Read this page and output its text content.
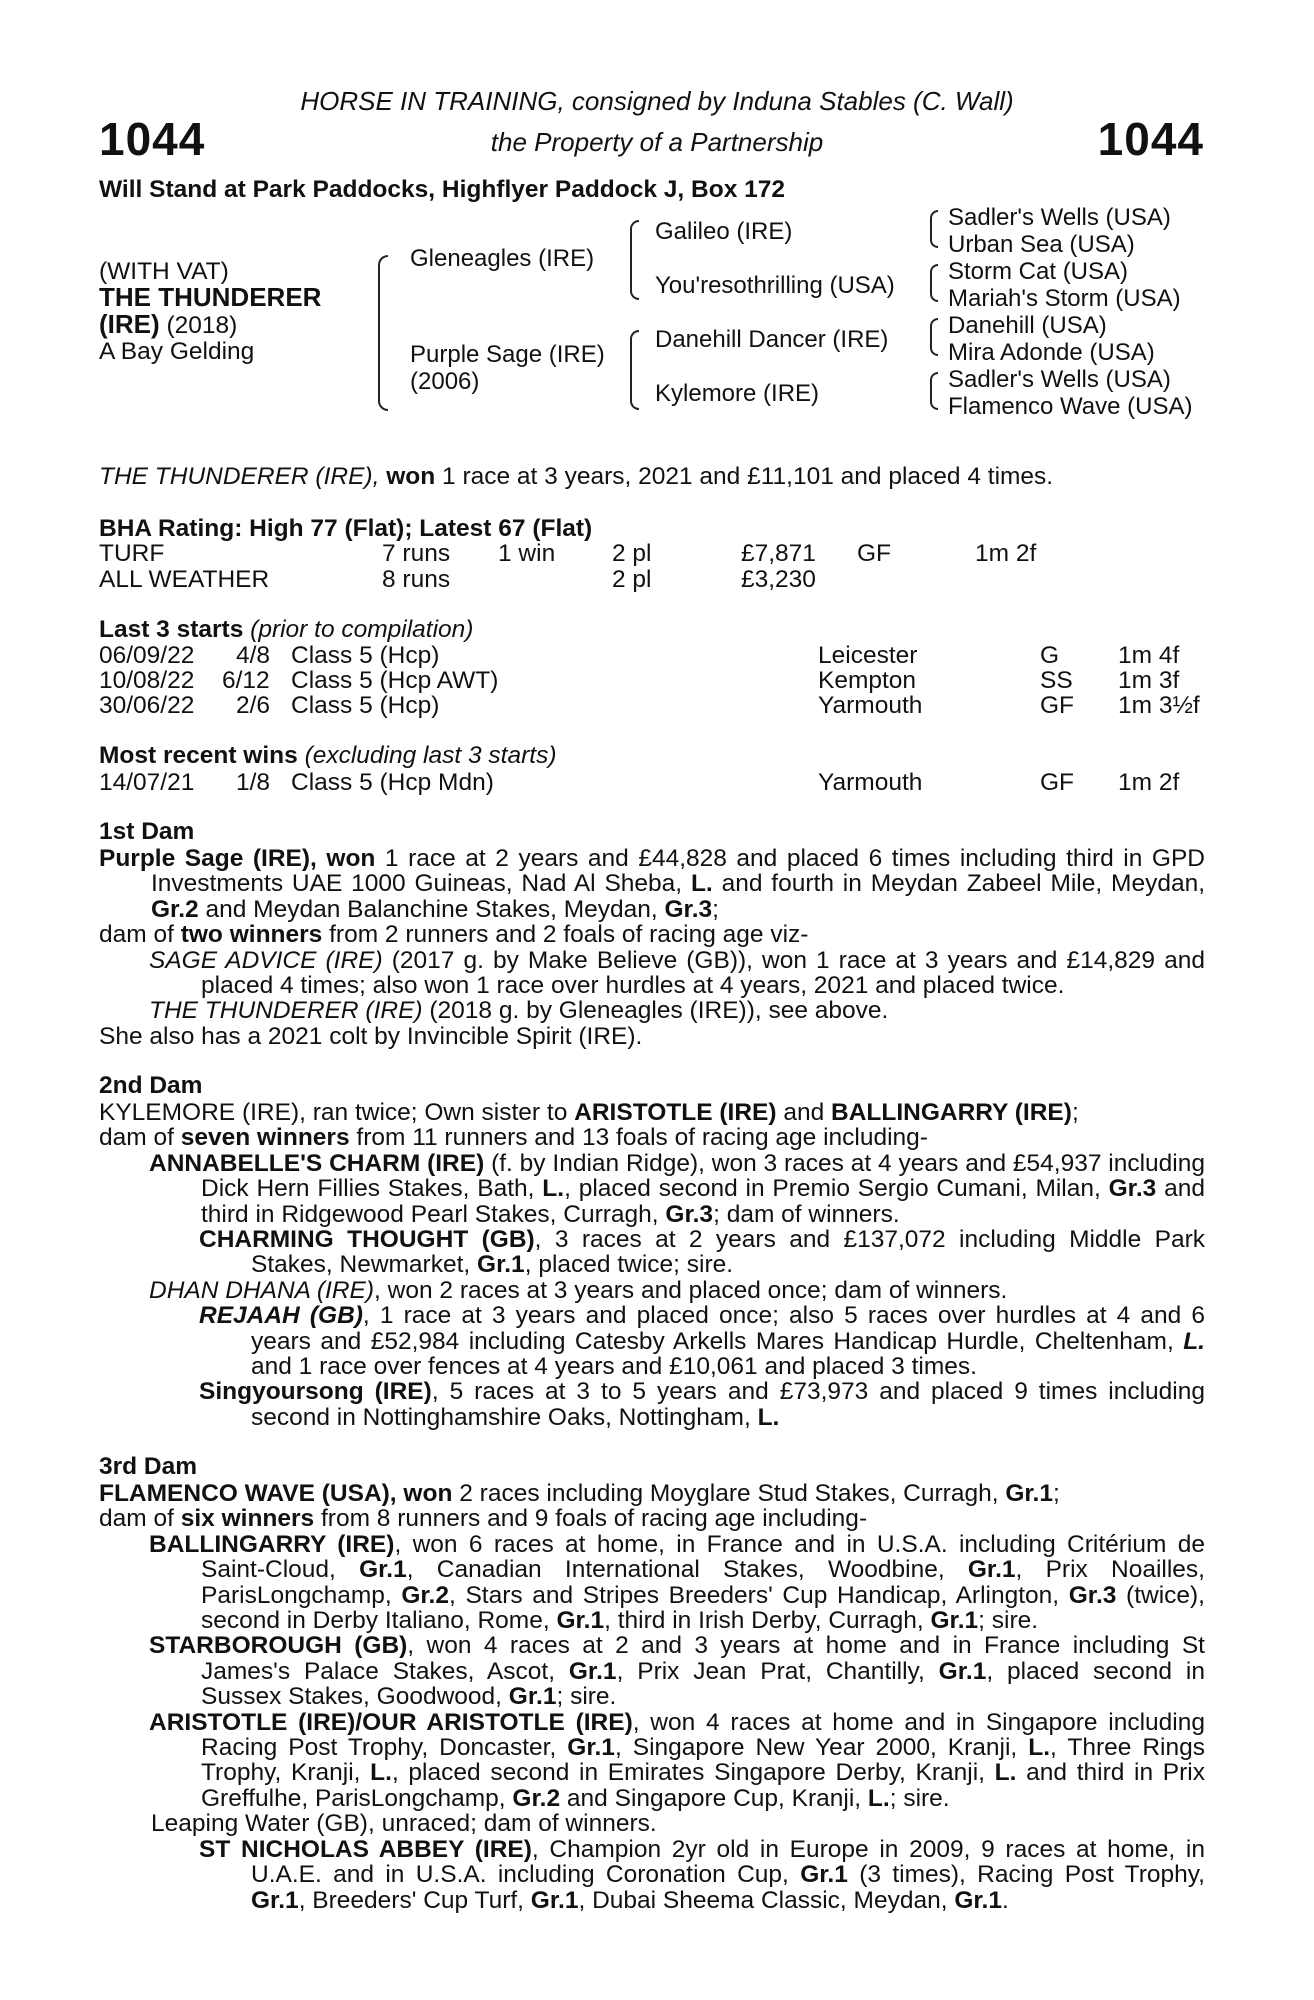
1044	1044
HORSE IN TRAINING, consigned by Induna Stables (C. Wall)
the Property of a Partnership
Will Stand at Park Paddocks, Highflyer Paddock J, Box 172
(WITH VAT)
THE THUNDERER
(IRE) (2018)
A Bay Gelding
Gleneagles (IRE)
Purple Sage (IRE)
(2006)
Galileo (IRE)
You'resothrilling (USA)
Danehill Dancer (IRE)
Kylemore (IRE)
Sadler's Wells (USA)
Urban Sea (USA)
Storm Cat (USA)
Mariah's Storm (USA)
Danehill (USA)
Mira Adonde (USA)
Sadler's Wells (USA)
Flamenco Wave (USA)
THE THUNDERER (IRE), won 1 race at 3 years, 2021 and £11,101 and placed 4 times.
BHA Rating: High 77 (Flat); Latest 67 (Flat)
TURF	7 runs 1 win 2 pl	£7,871 GF	1m 2f
ALL WEATHER	8 runs	2 pl	£3,230
Last 3 starts (prior to compilation)
06/09/22 4/8 Class 5 (Hcp)	Leicester	G 1m 4f
10/08/22 6/12 Class 5 (Hcp AWT)	Kempton	SS 1m 3f
30/06/22 2/6 Class 5 (Hcp)	Yarmouth	GF 1m 3½f
Most recent wins (excluding last 3 starts)
14/07/21 1/8 Class 5 (Hcp Mdn)	Yarmouth	GF 1m 2f
1st Dam

Purple Sage (IRE), won 1 race at 2 years and £44,828 and placed 6 times including third in GPD Investments UAE 1000 Guineas, Nad Al Sheba, L. and fourth in Meydan Zabeel Mile, Meydan, Gr.2 and Meydan Balanchine Stakes, Meydan, Gr.3;

dam of two winners from 2 runners and 2 foals of racing age viz-

SAGE ADVICE (IRE) (2017 g. by Make Believe (GB)), won 1 race at 3 years and £14,829 and placed 4 times; also won 1 race over hurdles at 4 years, 2021 and placed twice.

THE THUNDERER (IRE) (2018 g. by Gleneagles (IRE)), see above.

She also has a 2021 colt by Invincible Spirit (IRE).

2nd Dam

KYLEMORE (IRE), ran twice; Own sister to ARISTOTLE (IRE) and BALLINGARRY (IRE);

dam of seven winners from 11 runners and 13 foals of racing age including-

ANNABELLE'S CHARM (IRE) (f. by Indian Ridge), won 3 races at 4 years and £54,937 including Dick Hern Fillies Stakes, Bath, L., placed second in Premio Sergio Cumani, Milan, Gr.3 and third in Ridgewood Pearl Stakes, Curragh, Gr.3; dam of winners.

CHARMING THOUGHT (GB), 3 races at 2 years and £137,072 including Middle Park Stakes, Newmarket, Gr.1, placed twice; sire.

DHAN DHANA (IRE), won 2 races at 3 years and placed once; dam of winners.

REJAAH (GB), 1 race at 3 years and placed once; also 5 races over hurdles at 4 and 6 years and £52,984 including Catesby Arkells Mares Handicap Hurdle, Cheltenham, L. and 1 race over fences at 4 years and £10,061 and placed 3 times.

Singyoursong (IRE), 5 races at 3 to 5 years and £73,973 and placed 9 times including second in Nottinghamshire Oaks, Nottingham, L.

3rd Dam

FLAMENCO WAVE (USA), won 2 races including Moyglare Stud Stakes, Curragh, Gr.1;

dam of six winners from 8 runners and 9 foals of racing age including-

BALLINGARRY (IRE), won 6 races at home, in France and in U.S.A. including Critérium de Saint-Cloud, Gr.1, Canadian International Stakes, Woodbine, Gr.1, Prix Noailles, ParisLongchamp, Gr.2, Stars and Stripes Breeders' Cup Handicap, Arlington, Gr.3 (twice), second in Derby Italiano, Rome, Gr.1, third in Irish Derby, Curragh, Gr.1; sire.

STARBOROUGH (GB), won 4 races at 2 and 3 years at home and in France including St James's Palace Stakes, Ascot, Gr.1, Prix Jean Prat, Chantilly, Gr.1, placed second in Sussex Stakes, Goodwood, Gr.1; sire.

ARISTOTLE (IRE)/OUR ARISTOTLE (IRE), won 4 races at home and in Singapore including Racing Post Trophy, Doncaster, Gr.1, Singapore New Year 2000, Kranji, L., Three Rings Trophy, Kranji, L., placed second in Emirates Singapore Derby, Kranji, L. and third in Prix Greffulhe, ParisLongchamp, Gr.2 and Singapore Cup, Kranji, L.; sire.

Leaping Water (GB), unraced; dam of winners.

ST NICHOLAS ABBEY (IRE), Champion 2yr old in Europe in 2009, 9 races at home, in U.A.E. and in U.S.A. including Coronation Cup, Gr.1 (3 times), Racing Post Trophy, Gr.1, Breeders' Cup Turf, Gr.1, Dubai Sheema Classic, Meydan, Gr.1.
